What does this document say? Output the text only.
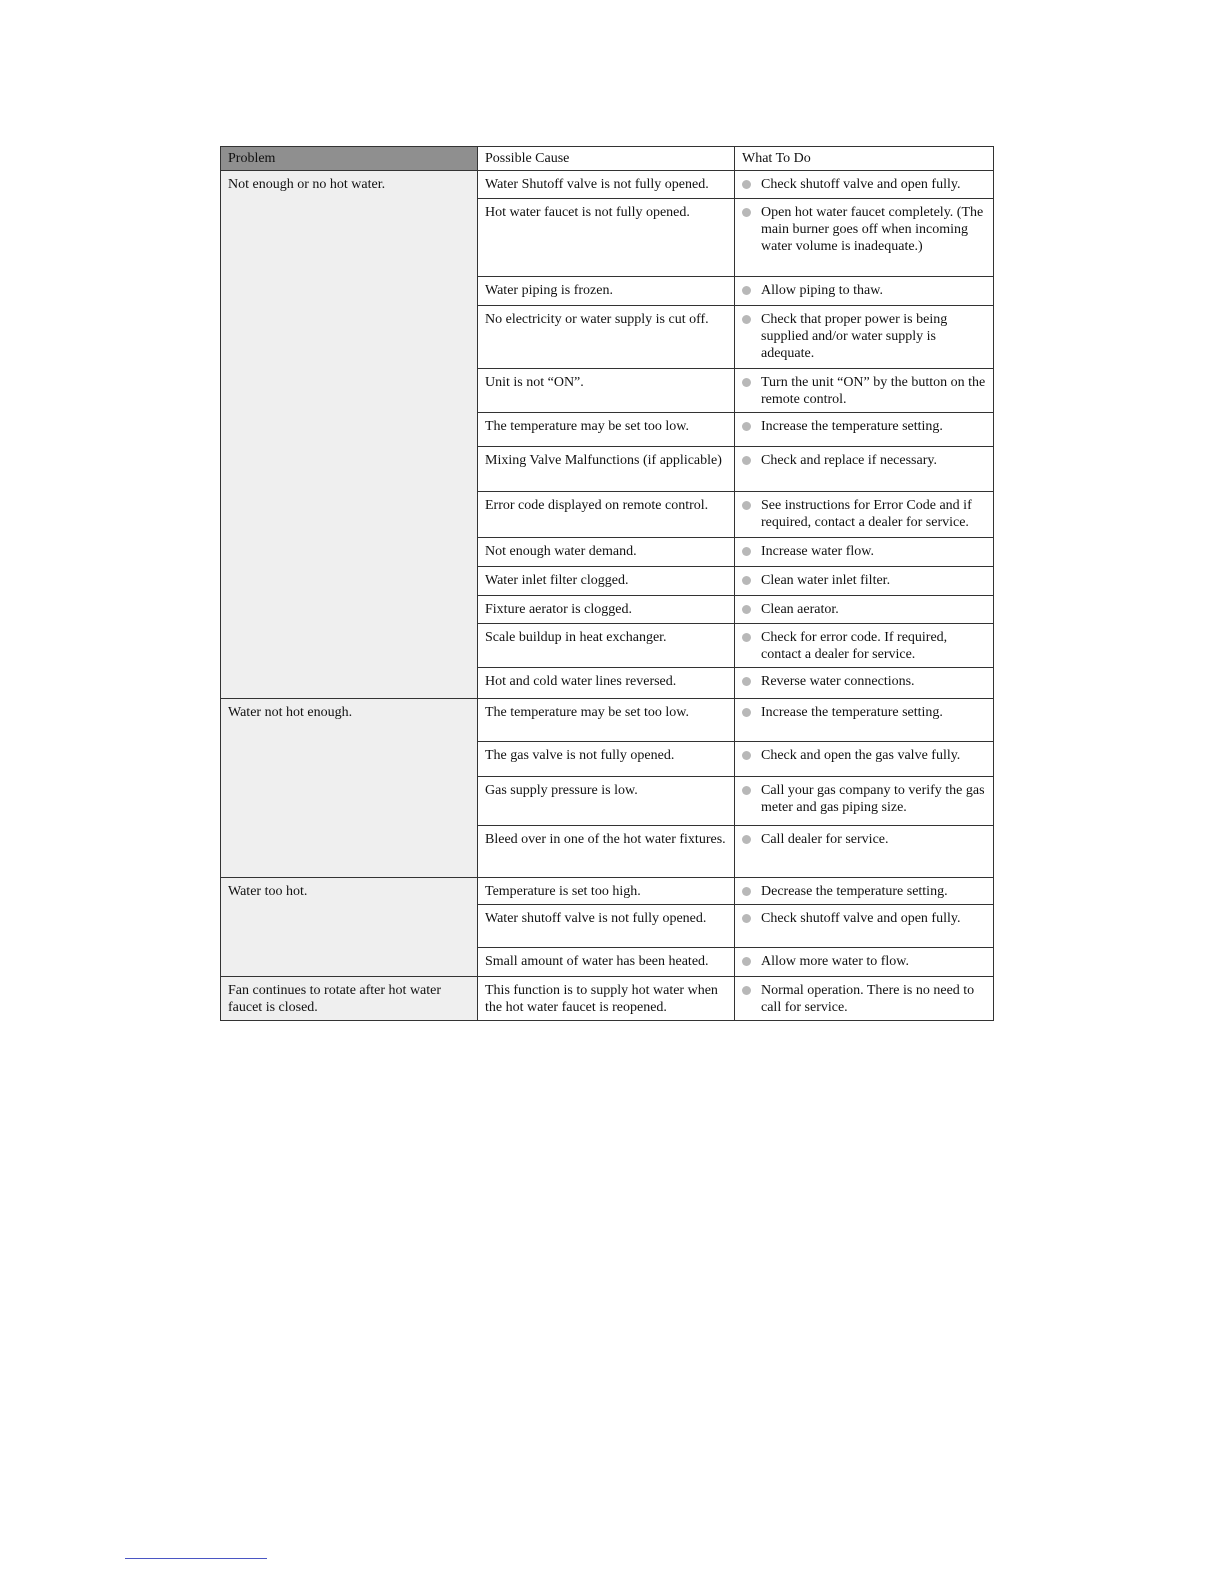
Problem	Possible Cause	What To Do
Not enough or no hot water.	Water Shutoff valve is not fully opened.	Check shutoff valve and open fully.

	Hot water faucet is not fully opened.	Open hot water faucet completely. (The main burner goes off when incoming water volume is inadequate.)

	Water piping is frozen.	Allow piping to thaw.

	No electricity or water supply is cut off.	Check that proper power is being supplied and/or water supply is adequate.

	Unit is not “ON”.	Turn the unit “ON” by the button on the remote control.

	The temperature may be set too low.	Increase the temperature setting.

	Mixing Valve Malfunctions (if applicable)	Check and replace if necessary.

	Error code displayed on remote control.	See instructions for Error Code and if required, contact a dealer for service.

	Not enough water demand.	Increase water flow.

	Water inlet filter clogged.	Clean water inlet filter.

	Fixture aerator is clogged.	Clean aerator.

	Scale buildup in heat exchanger.	Check for error code. If required, contact a dealer for service.

	Hot and cold water lines reversed.	Reverse water connections.

Water not hot enough.	The temperature may be set too low.	Increase the temperature setting.

	The gas valve is not fully opened.	Check and open the gas valve fully.

	Gas supply pressure is low.	Call your gas company to verify the gas meter and gas piping size.

	Bleed over in one of the hot water fixtures.	Call dealer for service.

Water too hot.	Temperature is set too high.	Decrease the temperature setting.

	Water shutoff valve is not fully opened.	Check shutoff valve and open fully.

	Small amount of water has been heated.	Allow more water to flow.

Fan continues to rotate after hot water faucet is closed.	This function is to supply hot water when the hot water faucet is reopened.	Normal operation. There is no need to call for service.
